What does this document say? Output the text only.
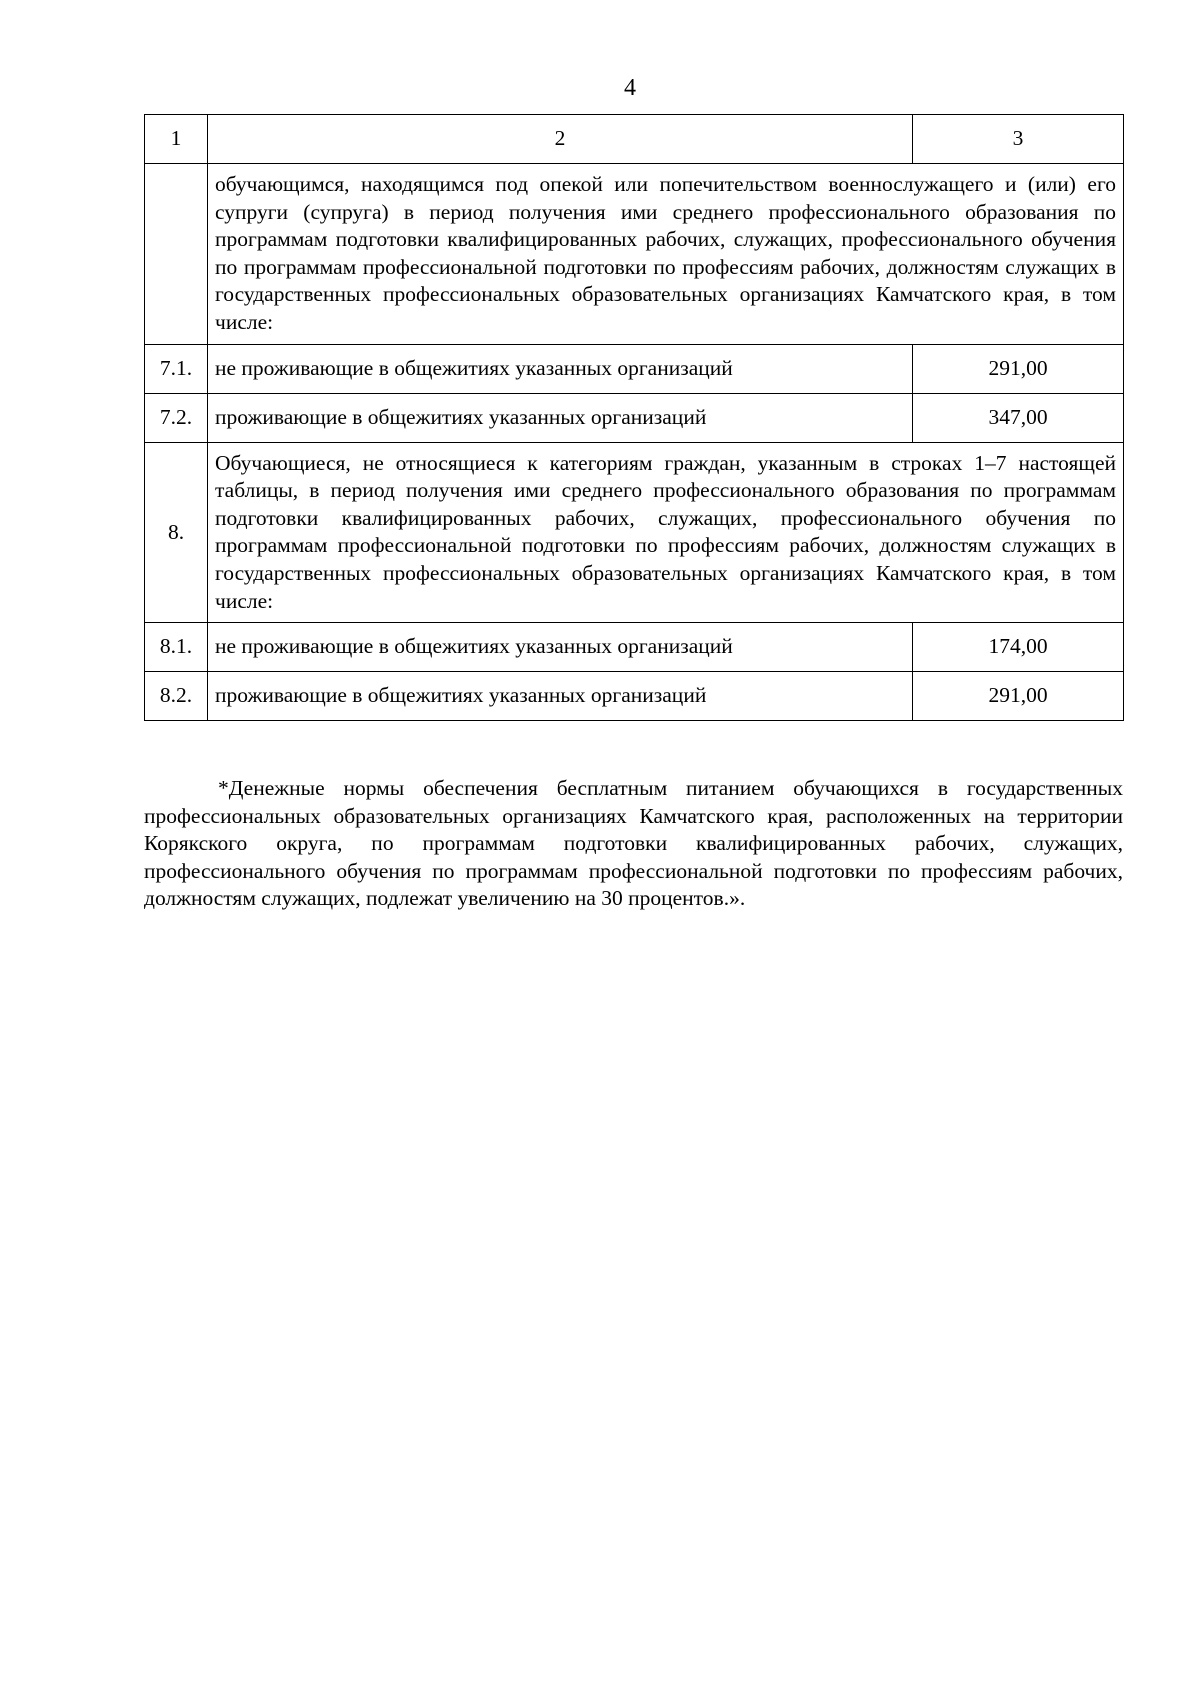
4
1	2	3
	обучающимся, находящимся под опекой или попечительством военнослужащего и (или) его супруги (супруга) в период получения ими среднего профессионального образования по программам подготовки квалифицированных рабочих, служащих, профессионального обучения по программам профессиональной подготовки по профессиям рабочих, должностям служащих в государственных профессиональных образовательных организациях Камчатского края, в том числе:	
7.1.	не проживающие в общежитиях указанных организаций	291,00
7.2.	проживающие в общежитиях указанных организаций	347,00
8.	Обучающиеся, не относящиеся к категориям граждан, указанным в строках 1–7 настоящей таблицы, в период получения ими среднего профессионального образования по программам подготовки квалифицированных рабочих, служащих, профессионального обучения по программам профессиональной подготовки по профессиям рабочих, должностям служащих в государственных профессиональных образовательных организациях Камчатского края, в том числе:	
8.1.	не проживающие в общежитиях указанных организаций	174,00
8.2.	проживающие в общежитиях указанных организаций	291,00

*Денежные нормы обеспечения бесплатным питанием обучающихся в государственных профессиональных образовательных организациях Камчатского края, расположенных на территории Корякского округа, по программам подготовки квалифицированных рабочих, служащих, профессионального обучения по программам профессиональной подготовки по профессиям рабочих, должностям служащих, подлежат увеличению на 30 процентов.».
